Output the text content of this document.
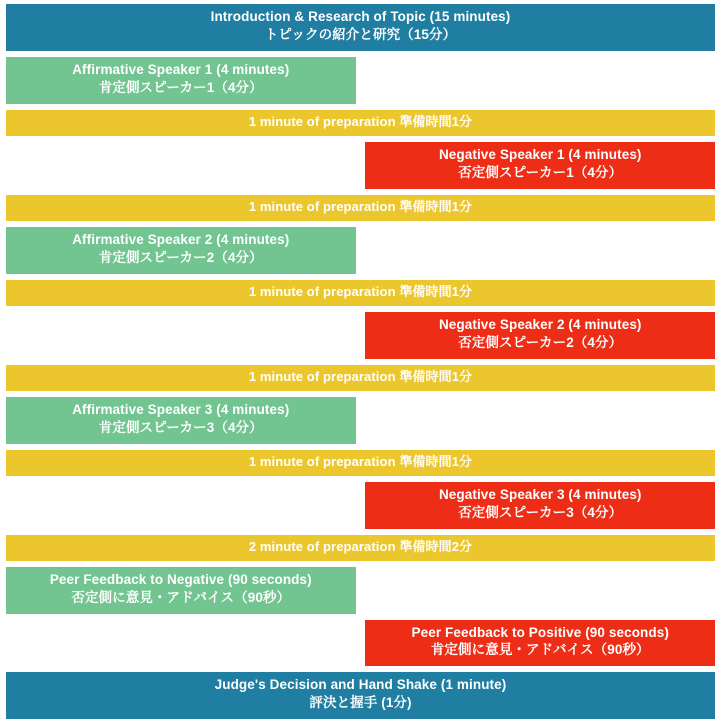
Introduction & Research of Topic (15 minutes)
トピックの紹介と研究（15分）
Affirmative Speaker 1 (4 minutes)
肯定側スピーカー1（4分）
1 minute of preparation 準備時間1分
Negative Speaker 1 (4 minutes)
否定側スピーカー1（4分）
1 minute of preparation 準備時間1分
Affirmative Speaker 2 (4 minutes)
肯定側スピーカー2（4分）
1 minute of preparation 準備時間1分
Negative Speaker 2 (4 minutes)
否定側スピーカー2（4分）
1 minute of preparation 準備時間1分
Affirmative Speaker 3 (4 minutes)
肯定側スピーカー3（4分）
1 minute of preparation 準備時間1分
Negative Speaker 3 (4 minutes)
否定側スピーカー3（4分）
2 minute of preparation 準備時間2分
Peer Feedback to Negative (90 seconds)
否定側に意見・アドバイス（90秒）
Peer Feedback to Positive (90 seconds)
肯定側に意見・アドバイス（90秒）
Judge's Decision and Hand Shake (1 minute)
評決と握手 (1分)
